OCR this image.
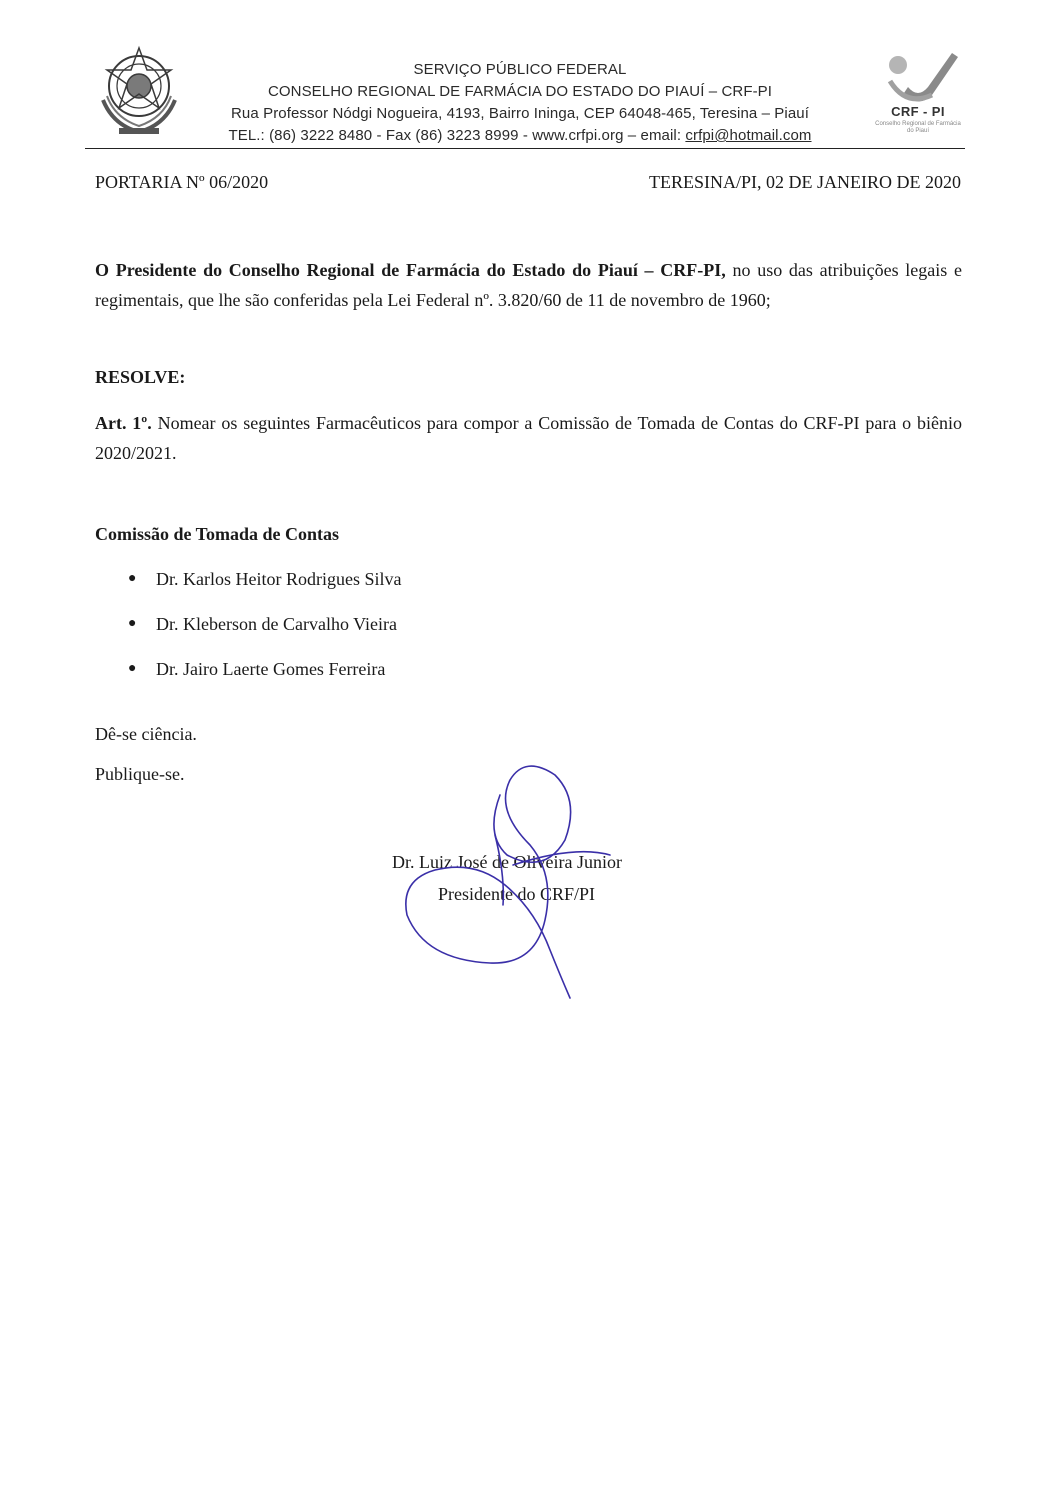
SERVIÇO PÚBLICO FEDERAL
CONSELHO REGIONAL DE FARMÁCIA DO ESTADO DO PIAUÍ – CRF-PI
Rua Professor Nódgi Nogueira, 4193, Bairro Ininga, CEP 64048-465, Teresina – Piauí
TEL.: (86) 3222 8480 - Fax (86) 3223 8999 - www.crfpi.org – email: crfpi@hotmail.com
CRF - PI
Conselho Regional de Farmácia do Piauí
PORTARIA Nº 06/2020	TERESINA/PI, 02 DE JANEIRO DE 2020
O Presidente do Conselho Regional de Farmácia do Estado do Piauí – CRF-PI, no uso das atribuições legais e regimentais, que lhe são conferidas pela Lei Federal nº. 3.820/60 de 11 de novembro de 1960;
RESOLVE:
Art. 1º. Nomear os seguintes Farmacêuticos para compor a Comissão de Tomada de Contas do CRF-PI para o biênio 2020/2021.
Comissão de Tomada de Contas
●	Dr. Karlos Heitor Rodrigues Silva
●	Dr. Kleberson de Carvalho Vieira
●	Dr. Jairo Laerte Gomes Ferreira
Dê-se ciência.
Publique-se.
Dr. Luiz José de Oliveira Junior
Presidente do CRF/PI
